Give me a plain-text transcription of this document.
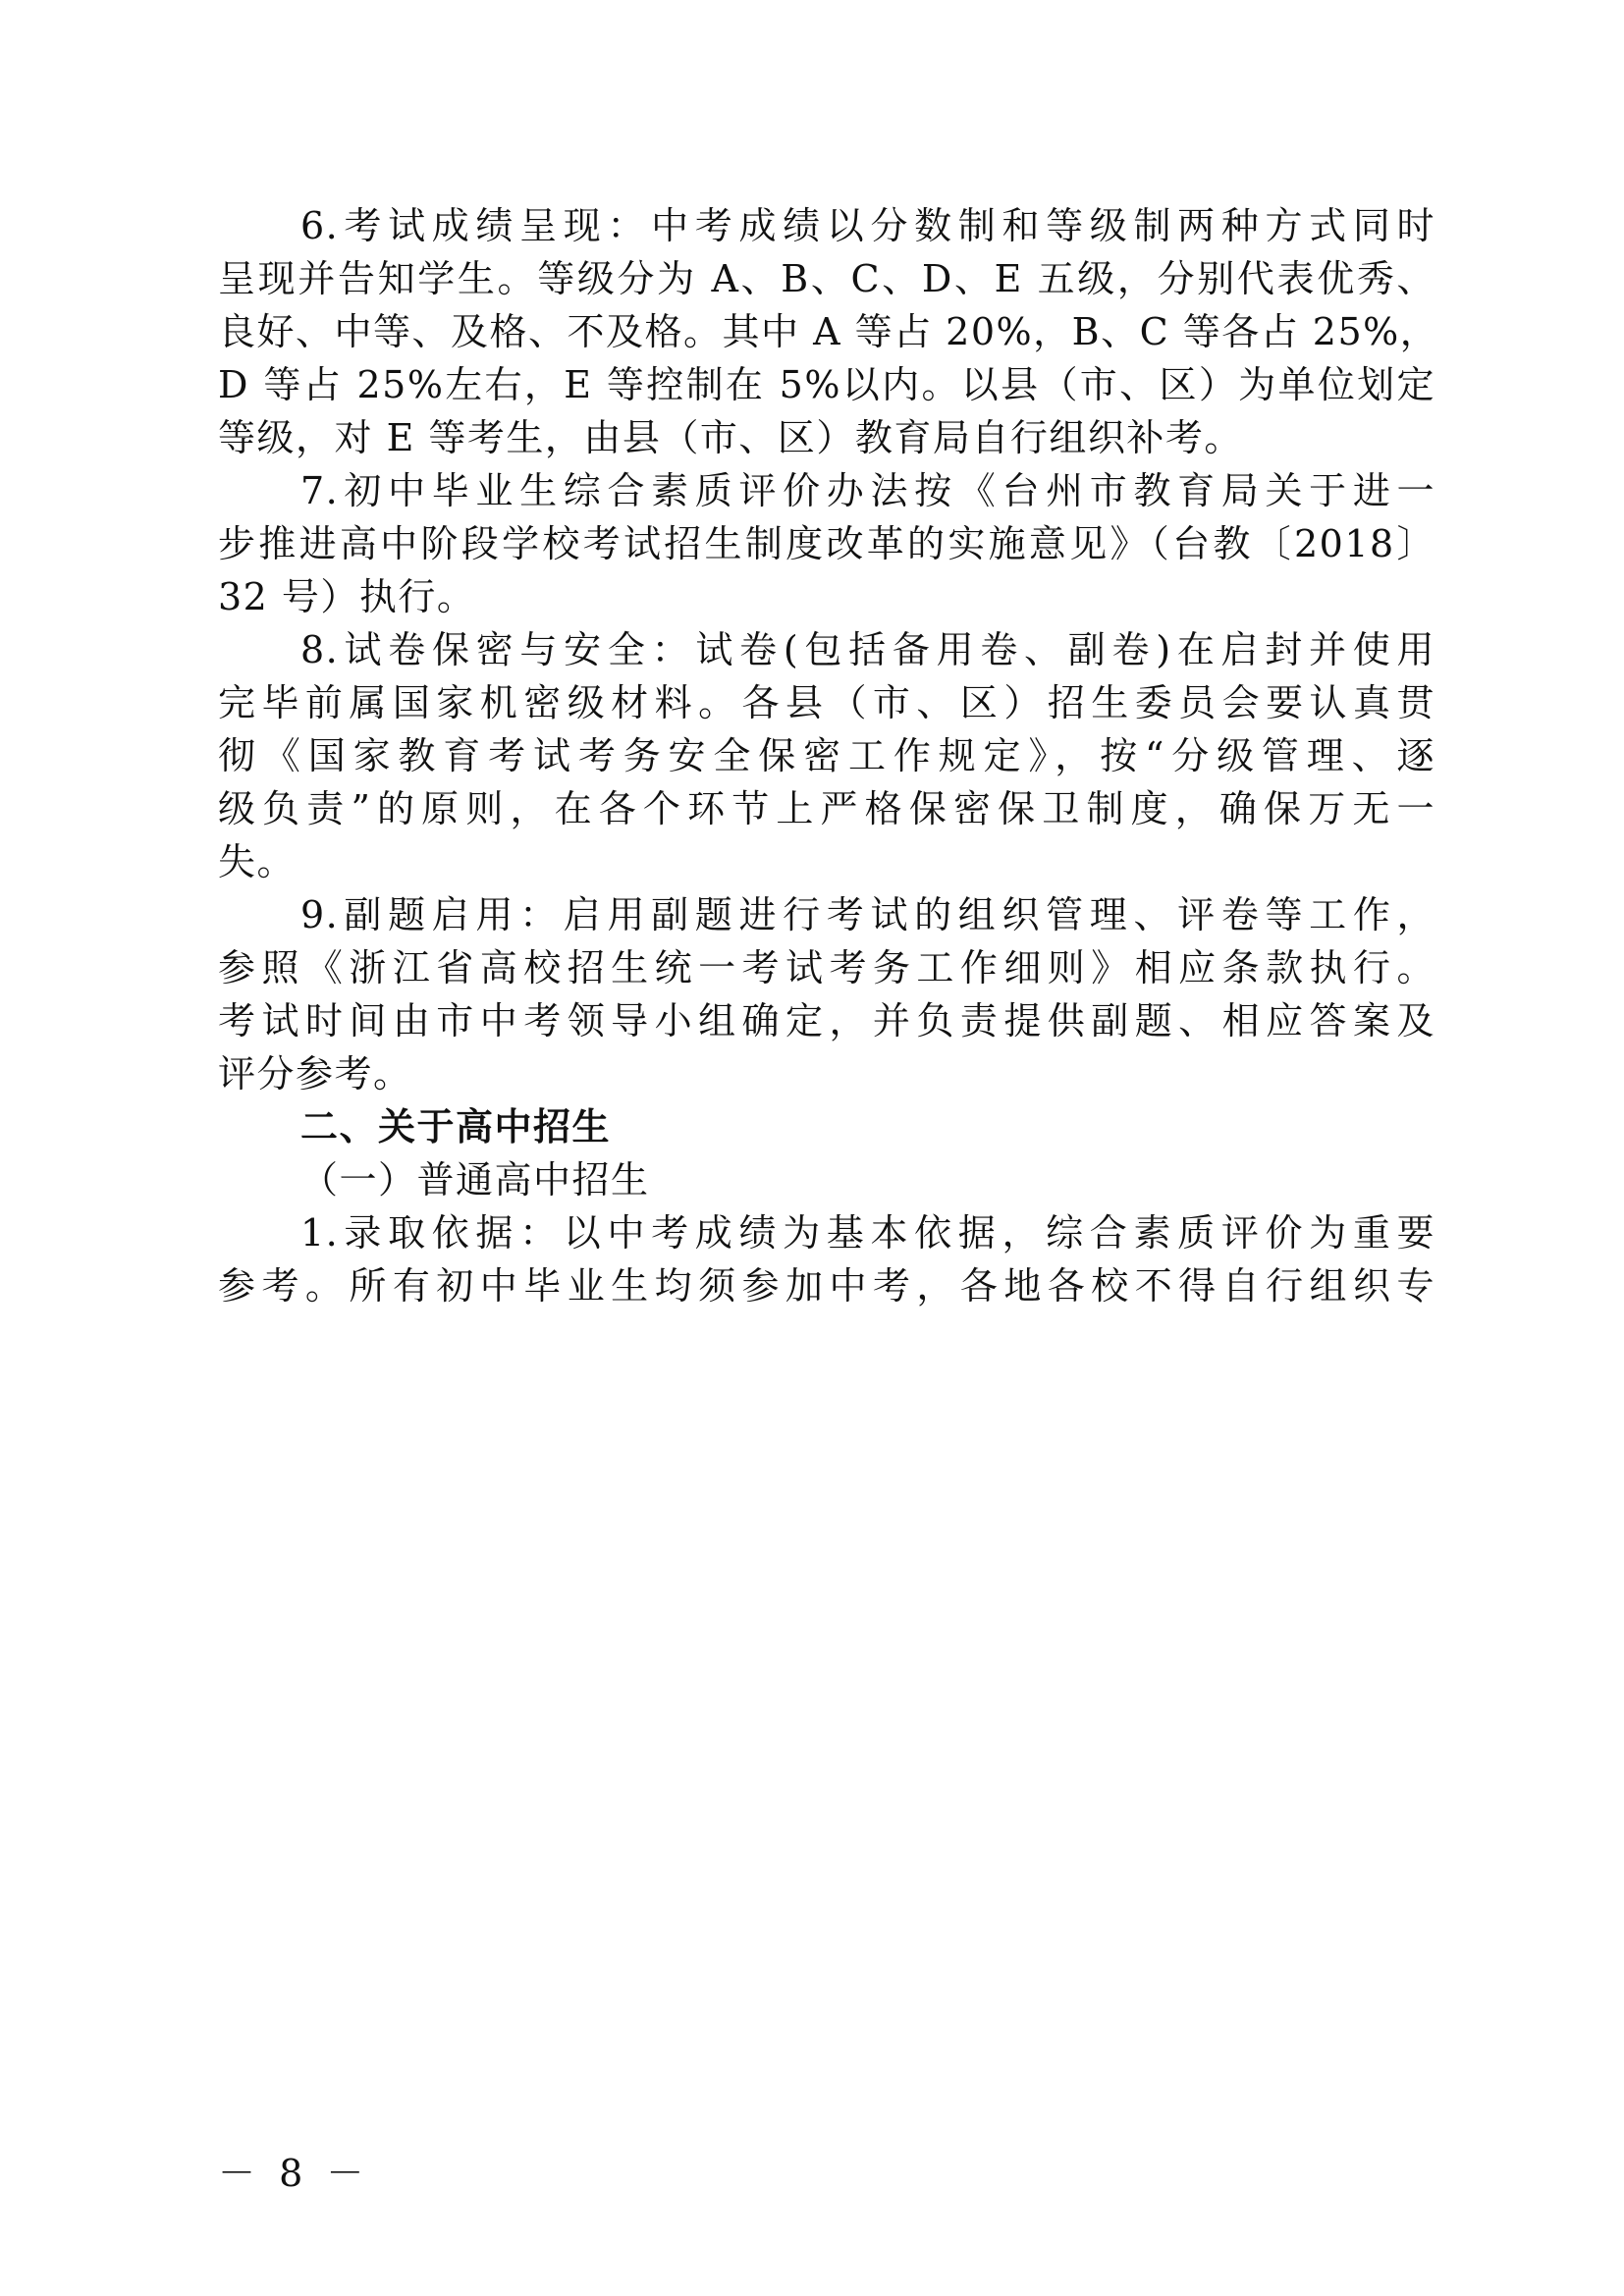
6.考试成绩呈现：中考成绩以分数制和等级制两种方式同时
呈现并告知学生。等级分为 A、B、C、D、E 五级，分别代表优秀、
良好、中等、及格、不及格。其中 A 等占 20%，B、C 等各占 25%，
D 等占 25%左右，E 等控制在 5%以内。以县（市、区）为单位划定
等级，对 E 等考生，由县（市、区）教育局自行组织补考。
7.初中毕业生综合素质评价办法按《台州市教育局关于进一
步推进高中阶段学校考试招生制度改革的实施意见》（台教〔2018〕
32 号）执行。
8.试卷保密与安全：试卷(包括备用卷、副卷)在启封并使用
完毕前属国家机密级材料。各县（市、区）招生委员会要认真贯
彻《国家教育考试考务安全保密工作规定》，按“分级管理、逐
级负责”的原则，在各个环节上严格保密保卫制度，确保万无一
失。
9.副题启用：启用副题进行考试的组织管理、评卷等工作，
参照《浙江省高校招生统一考试考务工作细则》相应条款执行。
考试时间由市中考领导小组确定，并负责提供副题、相应答案及
评分参考。
二、关于高中招生
（一）普通高中招生
1.录取依据：以中考成绩为基本依据，综合素质评价为重要
参考。所有初中毕业生均须参加中考，各地各校不得自行组织专
－ 8 －
